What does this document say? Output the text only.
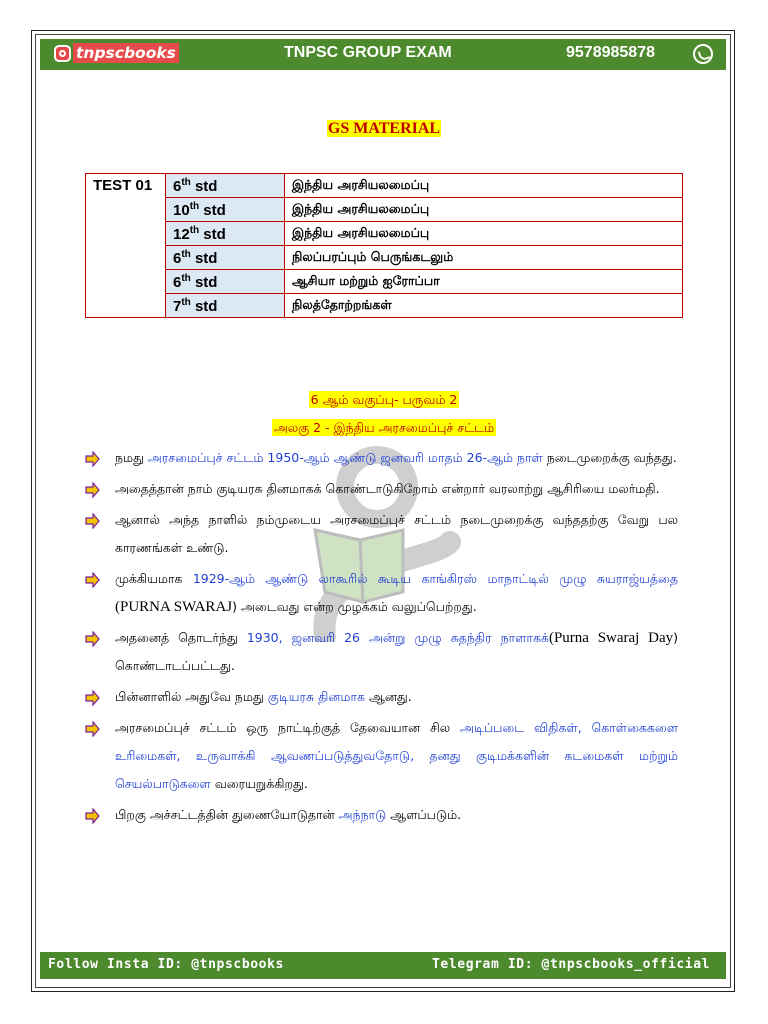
tnpscbooks	TNPSC GROUP EXAM	9578985878
GS MATERIAL
TEST 01	6th std	இந்திய அரசியலமைப்பு
	10th std	இந்திய அரசியலமைப்பு
	12th std	இந்திய அரசியலமைப்பு
	6th std	நிலப்பரப்பும் பெருங்கடலும்
	6th std	ஆசியா மற்றும் ஐரோப்பா
	7th std	நிலத்தோற்றங்கள்
6 ஆம் வகுப்பு- பருவம் 2
அலகு 2 - இந்திய அரசமைப்புச் சட்டம்
நமது அரசமைப்புச் சட்டம் 1950-ஆம் ஆண்டு ஜனவரி மாதம் 26-ஆம் நாள் நடைமுறைக்கு வந்தது.
அதைத்தான் நாம் குடியரசு தினமாகக் கொண்டாடுகிறோம் என்றார் வரலாற்று ஆசிரியை மலர்மதி.
ஆனால் அந்த நாளில் நம்முடைய அரசமைப்புச் சட்டம் நடைமுறைக்கு வந்ததற்கு வேறு பல காரணங்கள் உண்டு.
முக்கியமாக 1929-ஆம் ஆண்டு லாகூரில் கூடிய காங்கிரஸ் மாநாட்டில் முழு சுயராஜ்யத்தை (PURNA SWARAJ) அடைவது என்ற முழக்கம் வலுப்பெற்றது.
அதனைத் தொடர்ந்து 1930, ஜனவரி 26 அன்று முழு சுதந்திர நாளாகக்(Purna Swaraj Day) கொண்டாடப்பட்டது.
பின்னாளில் அதுவே நமது குடியரசு தினமாக ஆனது.
அரசமைப்புச் சட்டம் ஒரு நாட்டிற்குத் தேவையான சில அடிப்படை விதிகள், கொள்கைகளை உரிமைகள், உருவாக்கி ஆவணப்படுத்துவதோடு, தனது குடிமக்களின் கடமைகள் மற்றும் செயல்பாடுகளை வரையறுக்கிறது.
பிறகு அச்சட்டத்தின் துணையோடுதான் அந்நாடு ஆளப்படும்.
Follow Insta ID: @tnpscbooks	Telegram ID: @tnpscbooks_official
